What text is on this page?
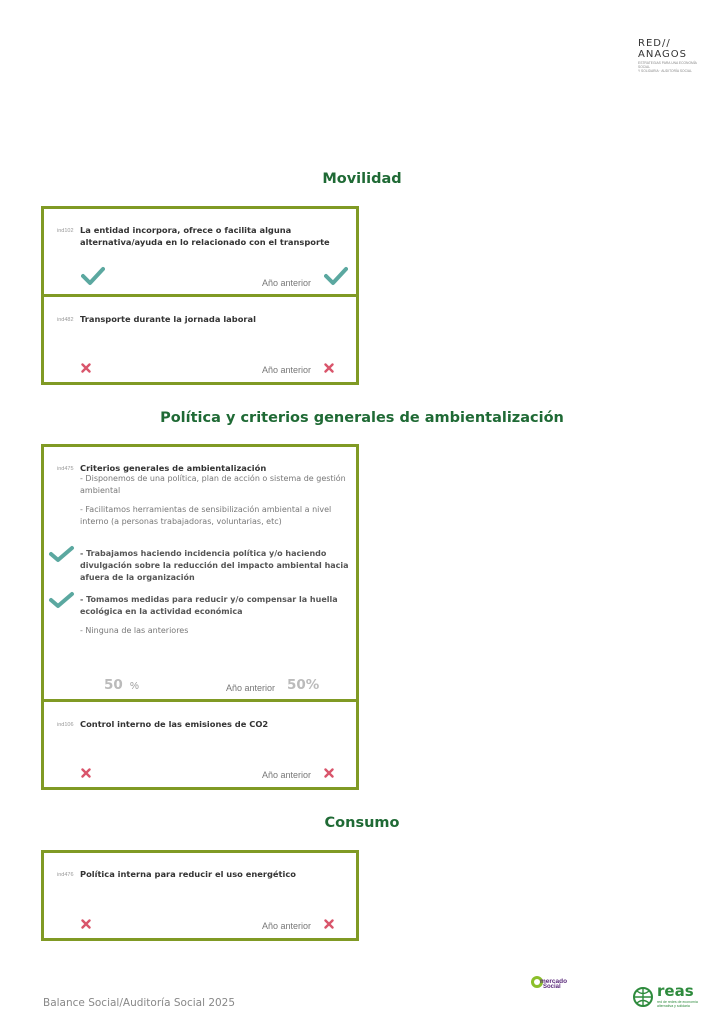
RED//
ANAGOS
ESTRATEGIAS PARA UNA ECONOMÍA SOCIAL
Y SOLIDARIA · AUDITORÍA SOCIAL
Movilidad
ind102 La entidad incorpora, ofrece o facilita alguna alternativa/ayuda en lo relacionado con el transporte
Año anterior
ind482 Transporte durante la jornada laboral
Año anterior
Política y criterios generales de ambientalización
ind475 Criterios generales de ambientalización
- Disponemos de una política, plan de acción o sistema de gestión ambiental
- Facilitamos herramientas de sensibilización ambiental a nivel interno (a personas trabajadoras, voluntarias, etc)
- Trabajamos haciendo incidencia política y/o haciendo divulgación sobre la reducción del impacto ambiental hacia afuera de la organización
- Tomamos medidas para reducir y/o compensar la huella ecológica en la actividad económica
- Ninguna de las anteriores
50 %	Año anterior 50%
ind106 Control interno de las emisiones de CO2
Año anterior
Consumo
ind476 Política interna para reducir el uso energético
Año anterior
Balance Social/Auditoría Social 2025
mercado
Social	reas
red de redes de economía
alternativa y solidaria
